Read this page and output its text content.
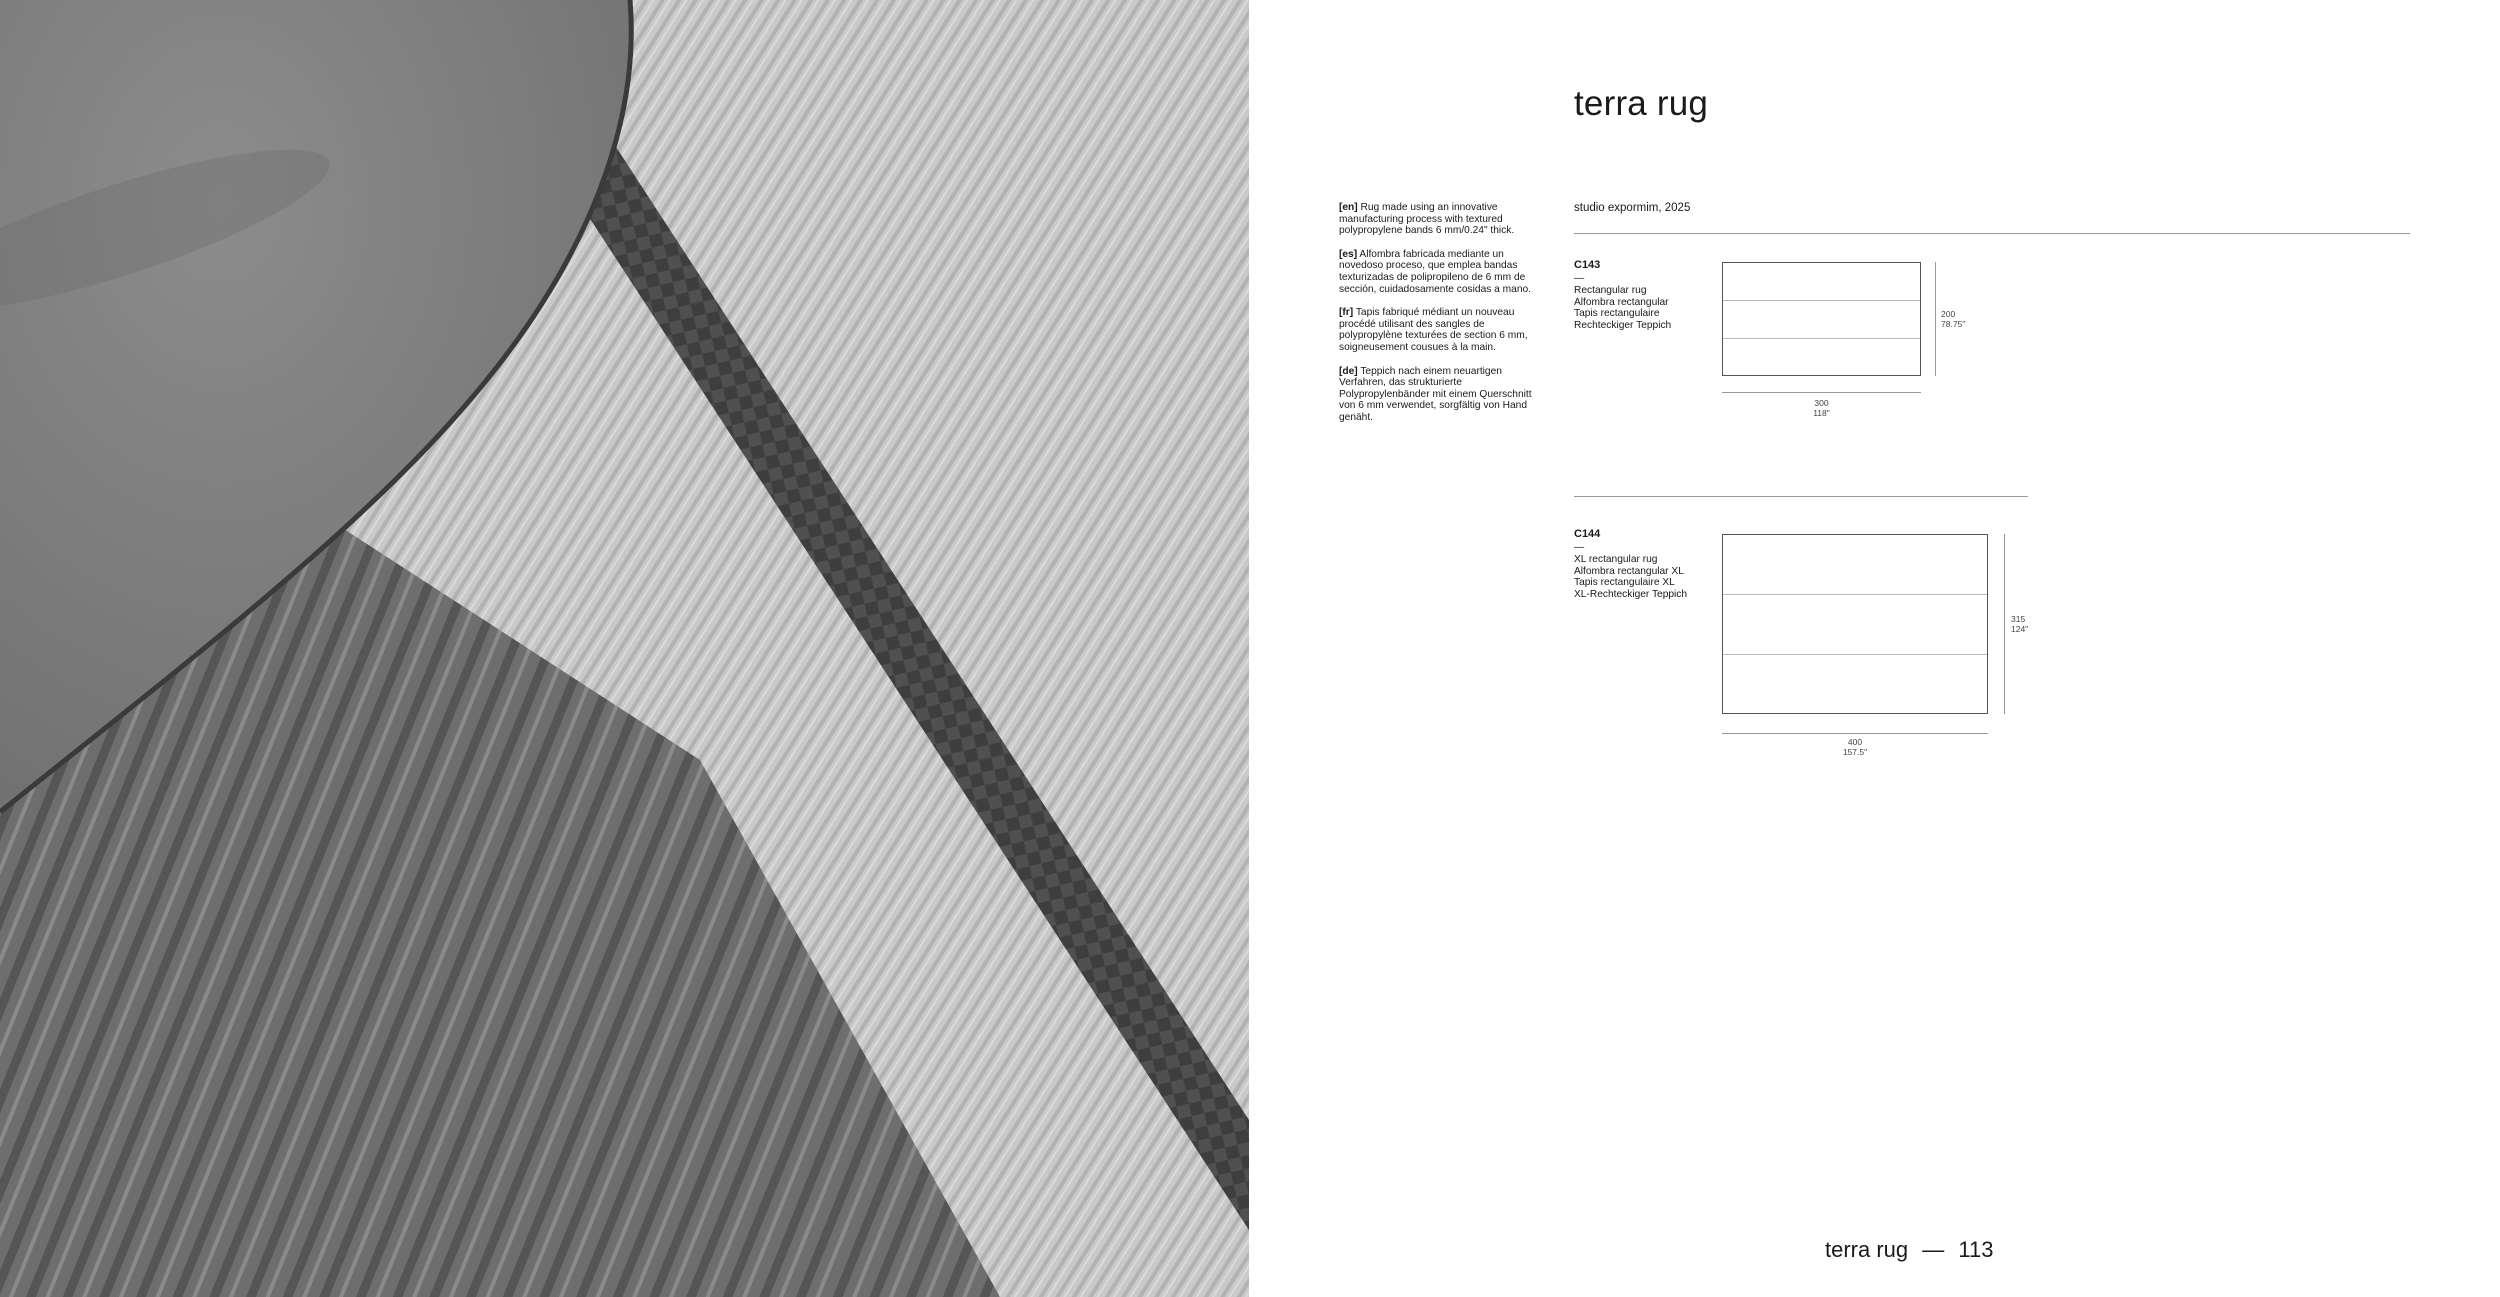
terra rug

[en] Rug made using an innovative manufacturing process with textured polypropylene bands 6 mm/0.24" thick.

[es] Alfombra fabricada mediante un novedoso proceso, que emplea bandas texturizadas de polipropileno de 6 mm de sección, cuidadosamente cosidas a mano.

[fr] Tapis fabriqué médiant un nouveau procédé utilisant des sangles de polypropylène texturées de section 6 mm, soigneusement cousues à la main.

[de] Teppich nach einem neuartigen Verfahren, das strukturierte Polypropylenbänder mit einem Querschnitt von 6 mm verwendet, sorgfältig von Hand genäht.

studio expormim, 2025
C143
—
Rectangular rug
Alfombra rectangular
Tapis rectangulaire
Rechteckiger Teppich
200
78.75"
300
118"
C144
—
XL rectangular rug
Alfombra rectangular XL
Tapis rectangulaire XL
XL-Rechteckiger Teppich
315
124"
400
157.5"
terra rug — 113
